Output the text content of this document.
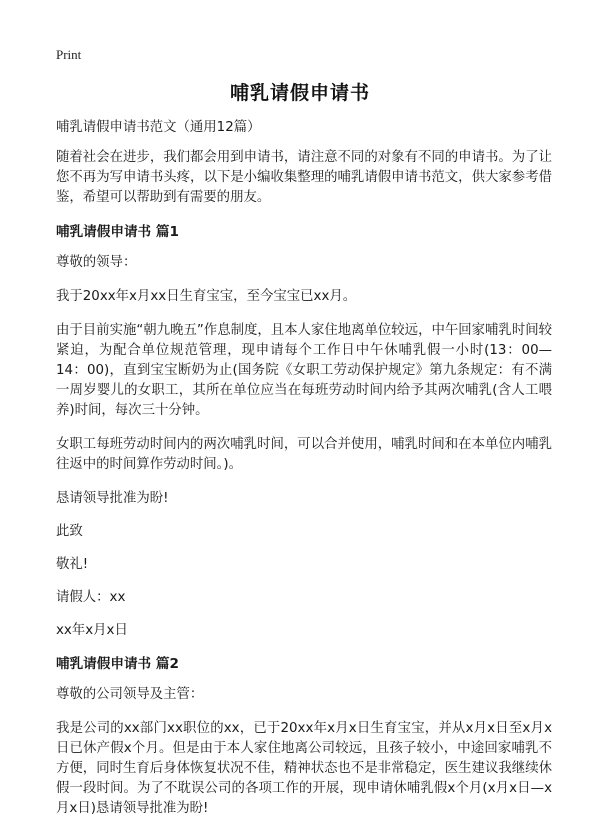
Print
哺乳请假申请书

哺乳请假申请书范文（通用12篇）

随着社会在进步，我们都会用到申请书，请注意不同的对象有不同的申请书。为了让您不再为写申请书头疼，以下是小编收集整理的哺乳请假申请书范文，供大家参考借鉴，希望可以帮助到有需要的朋友。

哺乳请假申请书 篇1

尊敬的领导：

我于20xx年x月xx日生育宝宝，至今宝宝已xx月。

由于目前实施“朝九晚五”作息制度，且本人家住地离单位较远，中午回家哺乳时间较紧迫，为配合单位规范管理，现申请每个工作日中午休哺乳假一小时(13：00—14：00)，直到宝宝断奶为止(国务院《女职工劳动保护规定》第九条规定：有不满一周岁婴儿的女职工，其所在单位应当在每班劳动时间内给予其两次哺乳(含人工喂养)时间，每次三十分钟。

女职工每班劳动时间内的两次哺乳时间，可以合并使用，哺乳时间和在本单位内哺乳往返中的时间算作劳动时间。)。

恳请领导批准为盼!

此致

敬礼!

请假人：xx

xx年x月x日

哺乳请假申请书 篇2

尊敬的公司领导及主管：

我是公司的xx部门xx职位的xx，已于20xx年x月x日生育宝宝，并从x月x日至x月x日已休产假x个月。但是由于本人家住地离公司较远，且孩子较小，中途回家哺乳不方便，同时生育后身体恢复状况不佳，精神状态也不是非常稳定，医生建议我继续休假一段时间。为了不耽误公司的各项工作的开展，现申请休哺乳假x个月(x月x日—x月x日)恳请领导批准为盼!
